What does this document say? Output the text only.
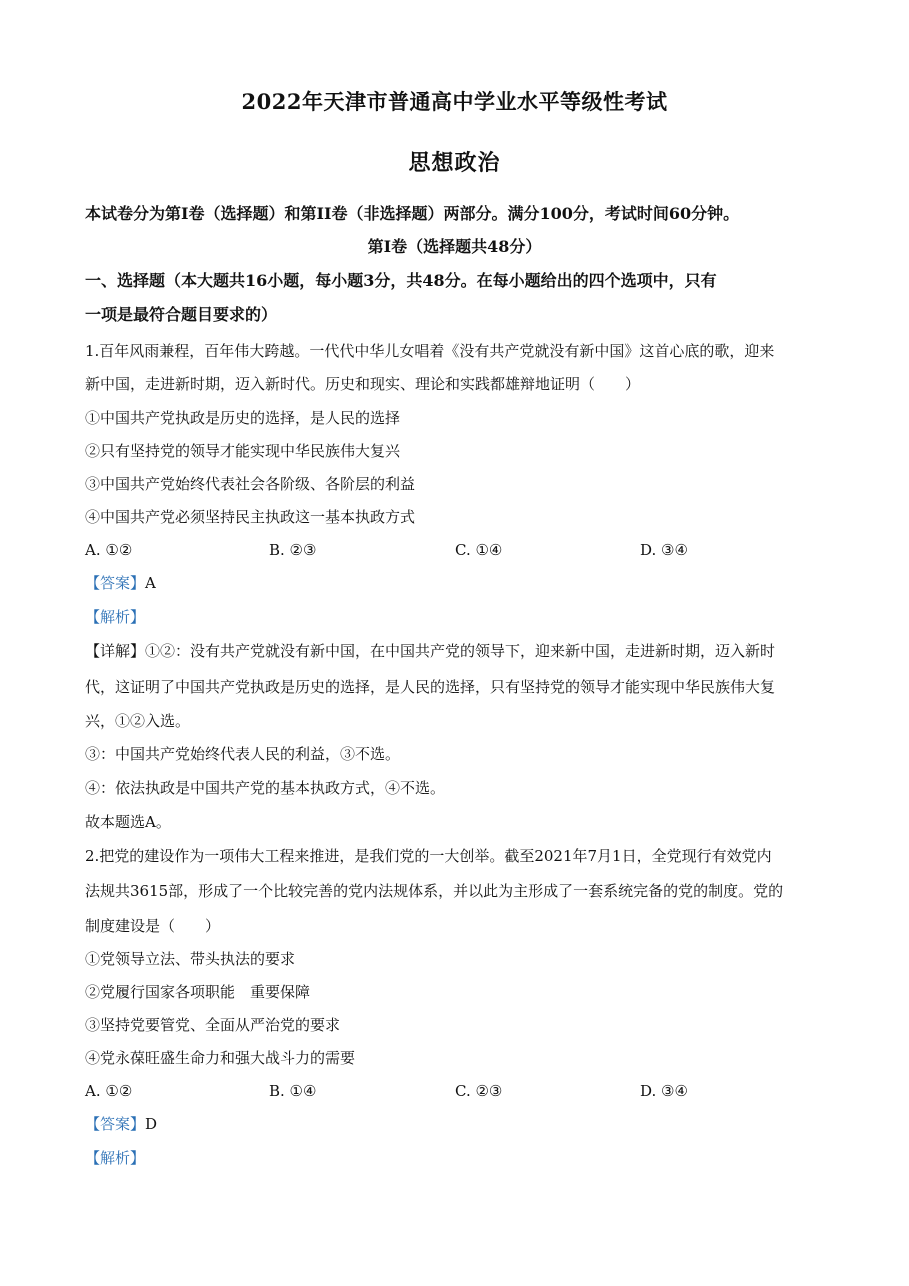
2022年天津市普通高中学业水平等级性考试
思想政治
本试卷分为第Ⅰ卷（选择题）和第II卷（非选择题）两部分。满分100分，考试时间60分钟。
第Ⅰ卷（选择题共48分）
一、选择题（本大题共16小题，每小题3分，共48分。在每小题给出的四个选项中，只有
一项是最符合题目要求的）
1.百年风雨兼程，百年伟大跨越。一代代中华儿女唱着《没有共产党就没有新中国》这首心底的歌，迎来
新中国，走进新时期，迈入新时代。历史和现实、理论和实践都雄辩地证明（　　）
①中国共产党执政是历史的选择，是人民的选择
②只有坚持党的领导才能实现中华民族伟大复兴
③中国共产党始终代表社会各阶级、各阶层的利益
④中国共产党必须坚持民主执政这一基本执政方式
A. ①②	B. ②③	C. ①④	D. ③④
【答案】A
【解析】
【详解】①②：没有共产党就没有新中国，在中国共产党的领导下，迎来新中国，走进新时期，迈入新时
代，这证明了中国共产党执政是历史的选择，是人民的选择，只有坚持党的领导才能实现中华民族伟大复
兴，①②入选。
③：中国共产党始终代表人民的利益，③不选。
④：依法执政是中国共产党的基本执政方式，④不选。
故本题选A。
2.把党的建设作为一项伟大工程来推进，是我们党的一大创举。截至2021年7月1日，全党现行有效党内
法规共3615部，形成了一个比较完善的党内法规体系，并以此为主形成了一套系统完备的党的制度。党的
制度建设是（　　）
①党领导立法、带头执法的要求
②党履行国家各项职能　重要保障
③坚持党要管党、全面从严治党的要求
④党永葆旺盛生命力和强大战斗力的需要
A. ①②	B. ①④	C. ②③	D. ③④
【答案】D
【解析】
